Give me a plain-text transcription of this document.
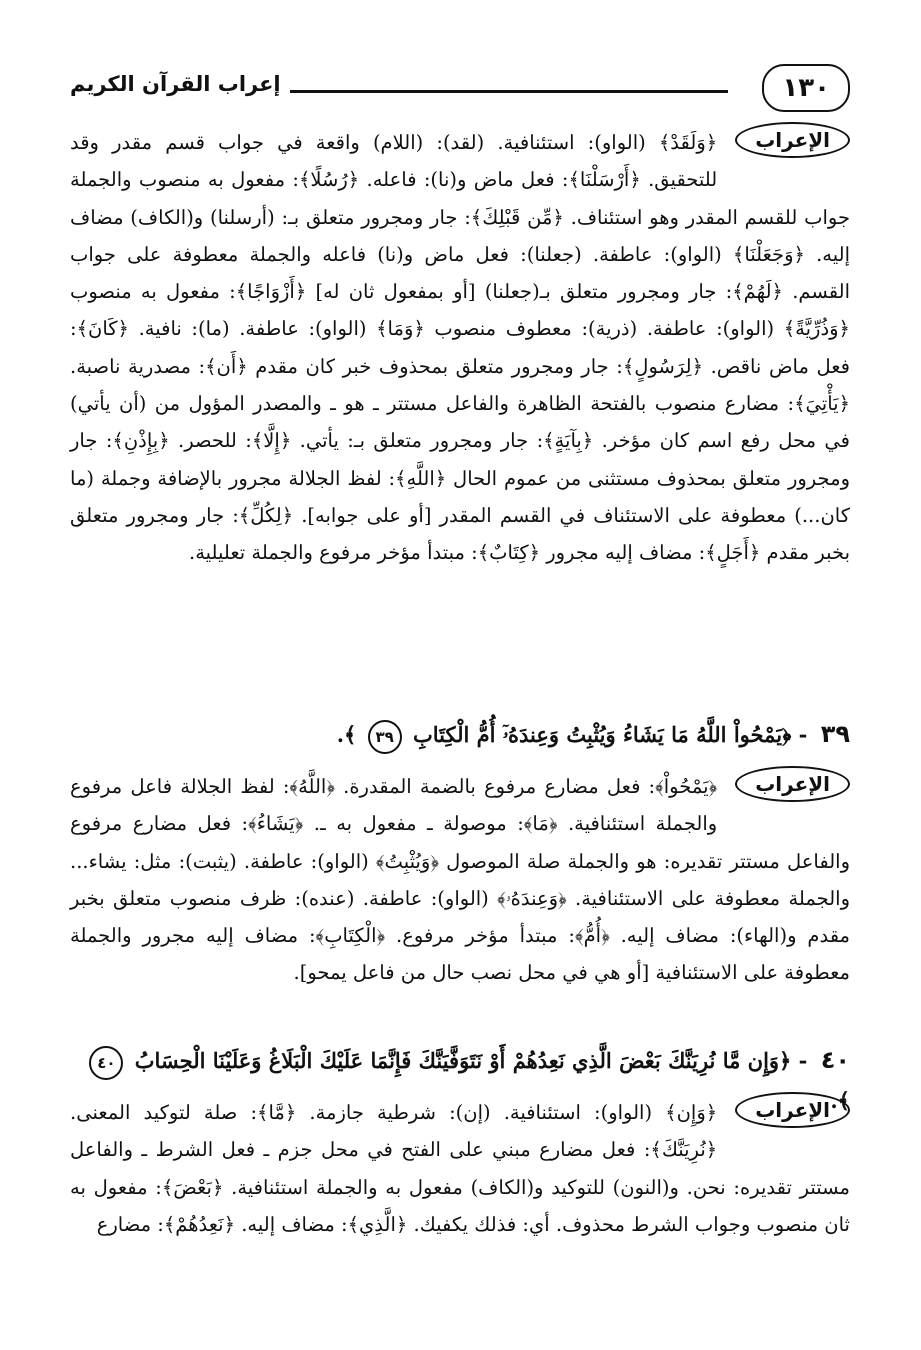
١٣٠
إعراب القرآن الكريم

الإعراب
﴿وَلَقَدْ﴾ (الواو): استئنافية. (لقد): (اللام) واقعة في جواب قسم مقدر وقد للتحقيق. ﴿أَرْسَلْنَا﴾: فعل ماض و(نا): فاعله. ﴿رُسُلًا﴾: مفعول به منصوب والجملة جواب للقسم المقدر وهو استئناف. ﴿مِّن قَبْلِكَ﴾: جار ومجرور متعلق بـ: (أرسلنا) و(الكاف) مضاف إليه. ﴿وَجَعَلْنَا﴾ (الواو): عاطفة. (جعلنا): فعل ماض و(نا) فاعله والجملة معطوفة على جواب القسم. ﴿لَهُمْ﴾: جار ومجرور متعلق بـ(جعلنا) [أو بمفعول ثان له] ﴿أَزْوَاجًا﴾: مفعول به منصوب ﴿وَذُرِّيَّةً﴾ (الواو): عاطفة. (ذرية): معطوف منصوب ﴿وَمَا﴾ (الواو): عاطفة. (ما): نافية. ﴿كَانَ﴾: فعل ماض ناقص. ﴿لِرَسُولٍ﴾: جار ومجرور متعلق بمحذوف خبر كان مقدم ﴿أَن﴾: مصدرية ناصبة. ﴿يَأْتِيَ﴾: مضارع منصوب بالفتحة الظاهرة والفاعل مستتر ـ هو ـ والمصدر المؤول من (أن يأتي) في محل رفع اسم كان مؤخر. ﴿بِآيَةٍ﴾: جار ومجرور متعلق بـ: يأتي. ﴿إِلَّا﴾: للحصر. ﴿بِإِذْنِ﴾: جار ومجرور متعلق بمحذوف مستثنى من عموم الحال ﴿اللَّهِ﴾: لفظ الجلالة مجرور بالإضافة وجملة (ما كان...) معطوفة على الاستئناف في القسم المقدر [أو على جوابه]. ﴿لِكُلِّ﴾: جار ومجرور متعلق بخبر مقدم ﴿أَجَلٍ﴾: مضاف إليه مجرور ﴿كِتَابٌ﴾: مبتدأ مؤخر مرفوع والجملة تعليلية.

٣٩ - ﴿يَمْحُواْ اللَّهُ مَا يَشَاءُ وَيُثْبِتُ وَعِندَهُۥٓ أُمُّ الْكِتَابِ ٣٩ ﴾.

الإعراب
﴿يَمْحُواْ﴾: فعل مضارع مرفوع بالضمة المقدرة. ﴿اللَّهُ﴾: لفظ الجلالة فاعل مرفوع والجملة استئنافية. ﴿مَا﴾: موصولة ـ مفعول به ـ. ﴿يَشَاءُ﴾: فعل مضارع مرفوع والفاعل مستتر تقديره: هو والجملة صلة الموصول ﴿وَيُثْبِتُ﴾ (الواو): عاطفة. (يثبت): مثل: يشاء... والجملة معطوفة على الاستئنافية. ﴿وَعِندَهُۥ﴾ (الواو): عاطفة. (عنده): ظرف منصوب متعلق بخبر مقدم و(الهاء): مضاف إليه. ﴿أُمُّ﴾: مبتدأ مؤخر مرفوع. ﴿الْكِتَابِ﴾: مضاف إليه مجرور والجملة معطوفة على الاستئنافية [أو هي في محل نصب حال من فاعل يمحو].

٤٠ - ﴿وَإِن مَّا نُرِيَنَّكَ بَعْضَ الَّذِي نَعِدُهُمْ أَوْ نَتَوَفَّيَنَّكَ فَإِنَّمَا عَلَيْكَ الْبَلَاغُ وَعَلَيْنَا الْحِسَابُ ٤٠ ﴾.

الإعراب
﴿وَإِن﴾ (الواو): استئنافية. (إن): شرطية جازمة. ﴿مَّا﴾: صلة لتوكيد المعنى. ﴿نُرِيَنَّكَ﴾: فعل مضارع مبني على الفتح في محل جزم ـ فعل الشرط ـ والفاعل مستتر تقديره: نحن. و(النون) للتوكيد و(الكاف) مفعول به والجملة استئنافية. ﴿بَعْضَ﴾: مفعول به ثان منصوب وجواب الشرط محذوف. أي: فذلك يكفيك. ﴿الَّذِي﴾: مضاف إليه. ﴿نَعِدُهُمْ﴾: مضارع
